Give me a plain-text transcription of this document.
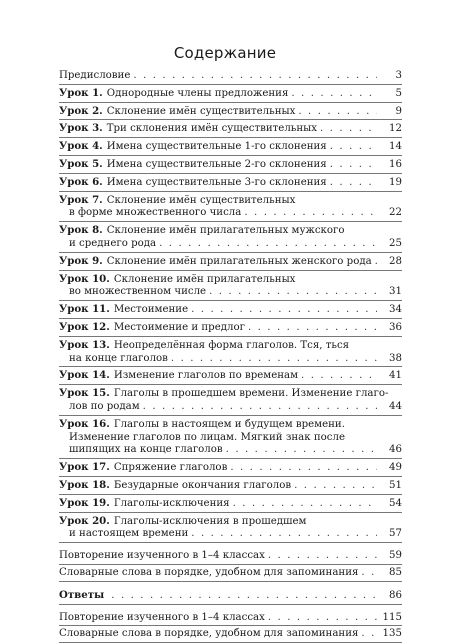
Содержание
Предисловие . . .	3
Урок 1. Однородные члены предложения . . .	5
Урок 2. Склонение имён существительных . . .	9
Урок 3. Три склонения имён существительных . . .	12
Урок 4. Имена существительные 1-го склонения . . .	14
Урок 5. Имена существительные 2-го склонения . . .	16
Урок 6. Имена существительные 3-го склонения . . .	19
Урок 7. Склонение имён существительных
в форме множественного числа . . .	22
Урок 8. Склонение имён прилагательных мужского
и среднего рода . . .	25
Урок 9. Склонение имён прилагательных женского рода . . .	28
Урок 10. Склонение имён прилагательных
во множественном числе . . .	31
Урок 11. Местоимение . . .	34
Урок 12. Местоимение и предлог . . .	36
Урок 13. Неопределённая форма глаголов. Тся, ться
на конце глаголов . . .	38
Урок 14. Изменение глаголов по временам . . .	41
Урок 15. Глаголы в прошедшем времени. Изменение глаго-
лов по родам . . .	44
Урок 16. Глаголы в настоящем и будущем времени.
Изменение глаголов по лицам. Мягкий знак после
шипящих на конце глаголов . . .	46
Урок 17. Спряжение глаголов . . .	49
Урок 18. Безударные окончания глаголов . . .	51
Урок 19. Глаголы-исключения . . .	54
Урок 20. Глаголы-исключения в прошедшем
и настоящем времени . . .	57
Повторение изученного в 1–4 классах . . .	59
Словарные слова в порядке, удобном для запоминания . . .	85
Ответы . . .	86
Повторение изученного в 1–4 классах . . .	115
Словарные слова в порядке, удобном для запоминания . . . 135
